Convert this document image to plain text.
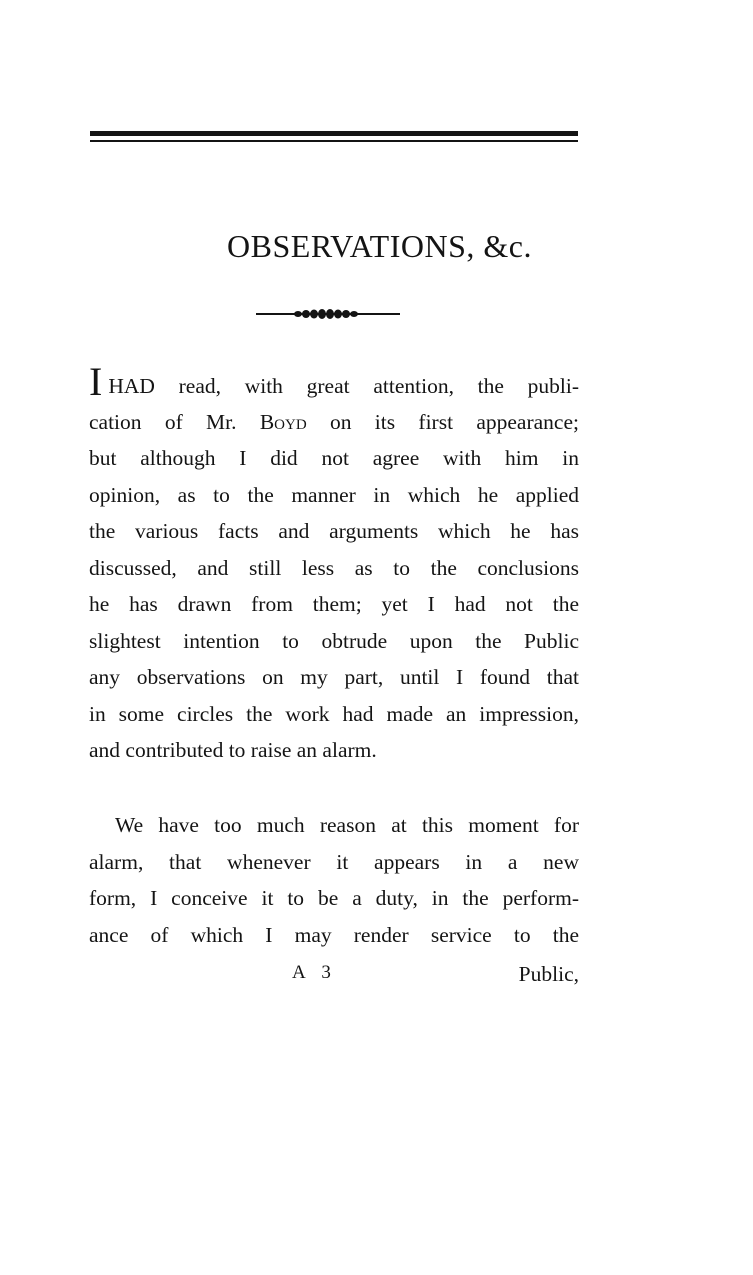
OBSERVATIONS, &c.
IHAD read, with great attention, the publi-
cation of Mr. Boyd on its first appearance;
but although I did not agree with him in
opinion, as to the manner in which he applied
the various facts and arguments which he has
discussed, and still less as to the conclusions
he has drawn from them; yet I had not the
slightest intention to obtrude upon the Public
any observations on my part, until I found that
in some circles the work had made an impression,
and contributed to raise an alarm.
We have too much reason at this moment for
alarm, that whenever it appears in a new
form, I conceive it to be a duty, in the perform-
ance of which I may render service to the
A 3	Public,
